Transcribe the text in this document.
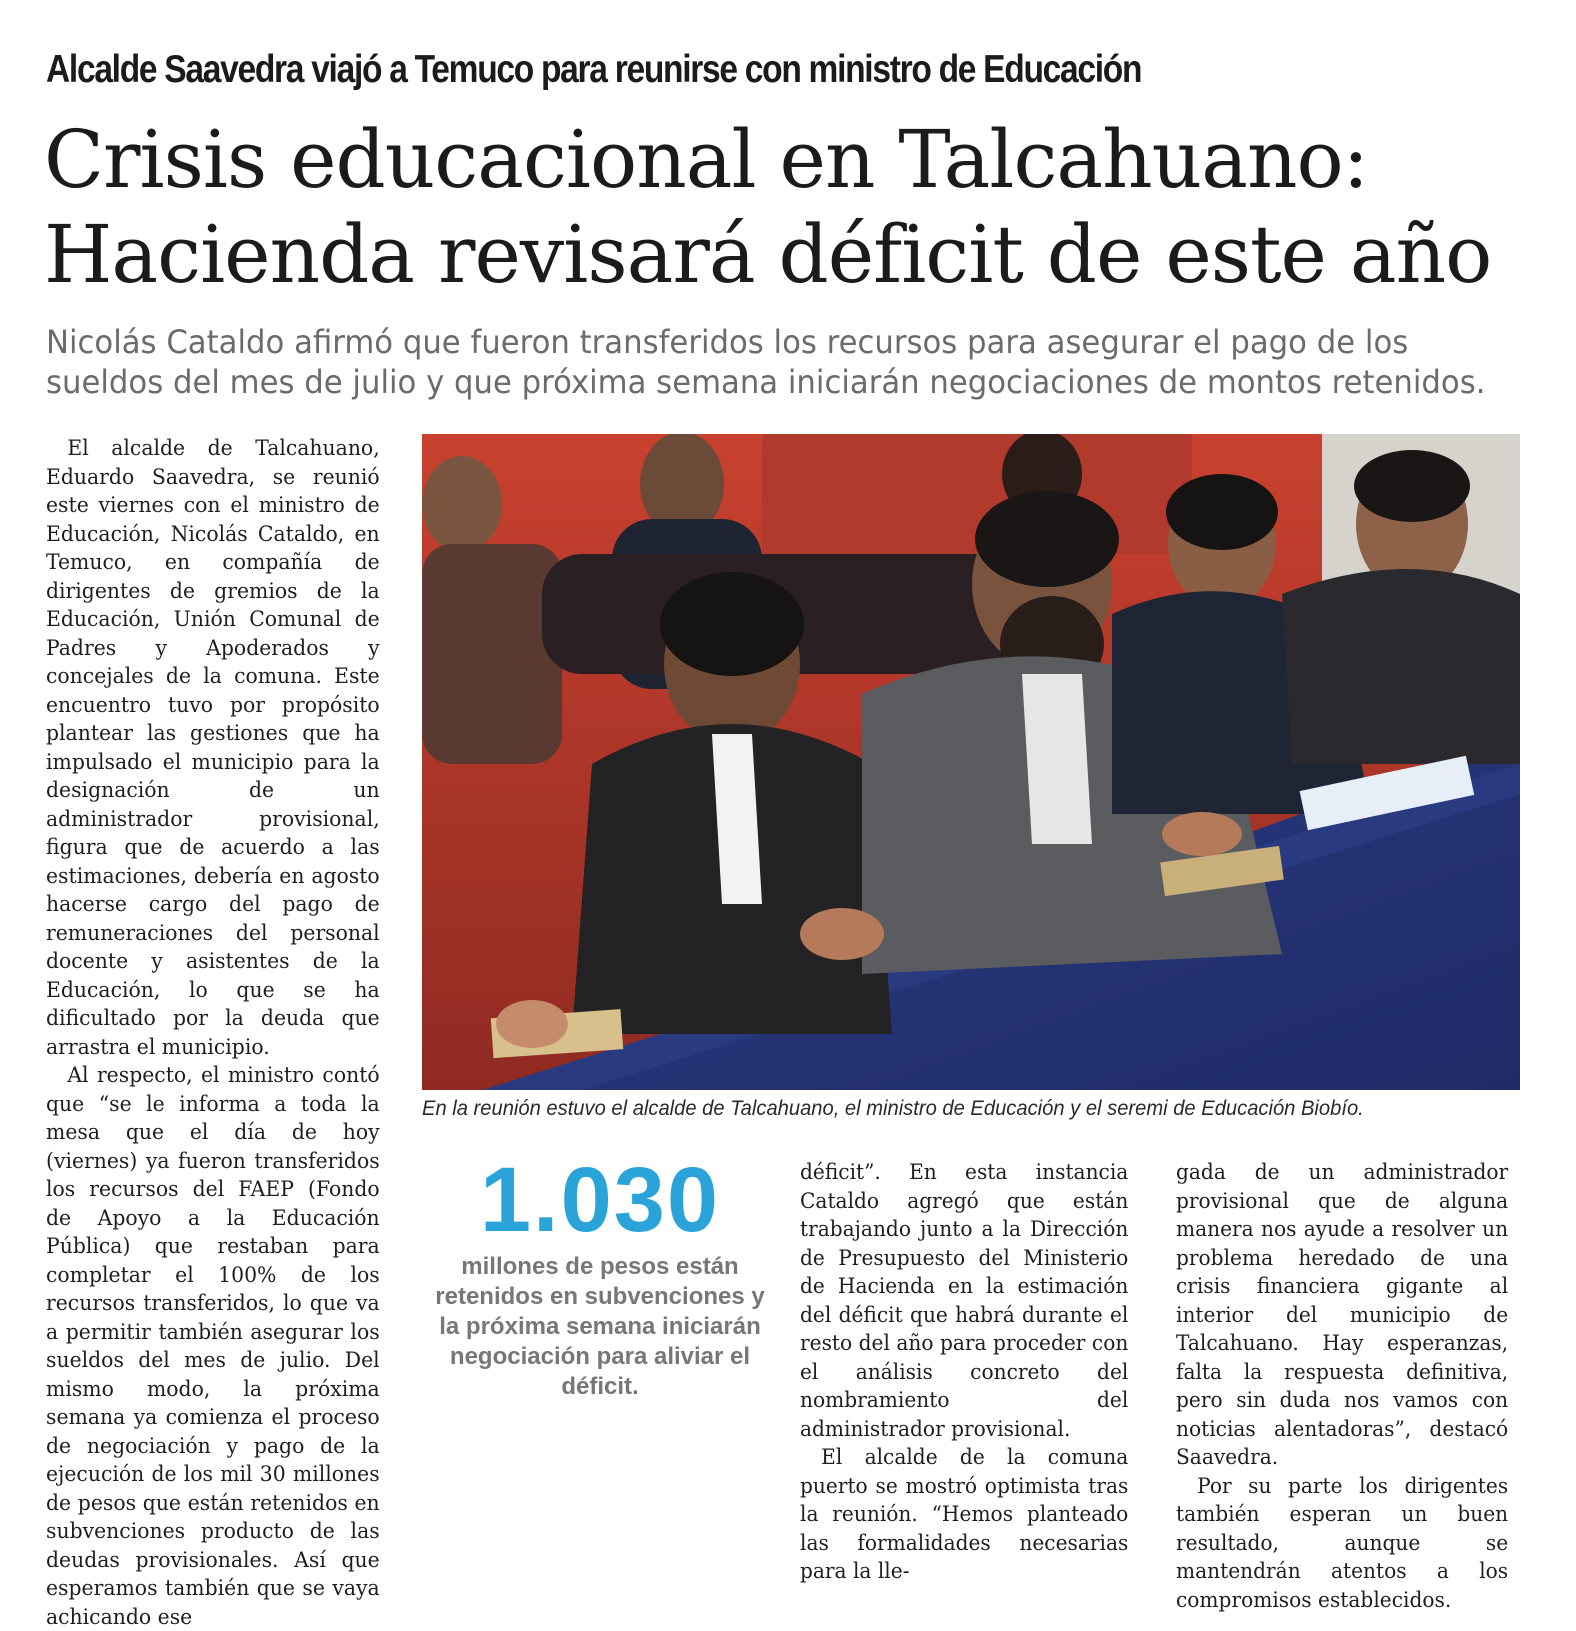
Alcalde Saavedra viajó a Temuco para reunirse con ministro de Educación
Crisis educacional en Talcahuano:
Hacienda revisará déficit de este año
Nicolás Cataldo afirmó que fueron transferidos los recursos para asegurar el pago de los
sueldos del mes de julio y que próxima semana iniciarán negociaciones de montos retenidos.

El alcalde de Talcahuano, Eduardo Saavedra, se reunió este viernes con el ministro de Educación, Nicolás Cataldo, en Temuco, en compañía de dirigentes de gremios de la Educación, Unión Comunal de Padres y Apoderados y concejales de la comuna. Este encuentro tuvo por propósito plantear las gestiones que ha impulsado el municipio para la designación de un administrador provisional, figura que de acuerdo a las estimaciones, debería en agosto hacerse cargo del pago de remuneraciones del personal docente y asistentes de la Educación, lo que se ha dificultado por la deuda que arrastra el municipio.

Al respecto, el ministro contó que “se le informa a toda la mesa que el día de hoy (viernes) ya fueron transferidos los recursos del FAEP (Fondo de Apoyo a la Educación Pública) que restaban para completar el 100% de los recursos transferidos, lo que va a permitir también asegurar los sueldos del mes de julio. Del mismo modo, la próxima semana ya comienza el proceso de negociación y pago de la ejecución de los mil 30 millones de pesos que están retenidos en subvenciones producto de las deudas provisionales. Así que esperamos también que se vaya achicando ese

En la reunión estuvo el alcalde de Talcahuano, el ministro de Educación y el seremi de Educación Biobío.
1.030
millones de pesos están retenidos en subvenciones y la próxima semana iniciarán negociación para aliviar el déficit.

déficit”. En esta instancia Cataldo agregó que están trabajando junto a la Dirección de Presupuesto del Ministerio de Hacienda en la estimación del déficit que habrá durante el resto del año para proceder con el análisis concreto del nombramiento del administrador provisional.

El alcalde de la comuna puerto se mostró optimista tras la reunión. “Hemos planteado las formalidades necesarias para la lle-

gada de un administrador provisional que de alguna manera nos ayude a resolver un problema heredado de una crisis financiera gigante al interior del municipio de Talcahuano. Hay esperanzas, falta la respuesta definitiva, pero sin duda nos vamos con noticias alentadoras”, destacó Saavedra.

Por su parte los dirigentes también esperan un buen resultado, aunque se mantendrán atentos a los compromisos establecidos.
